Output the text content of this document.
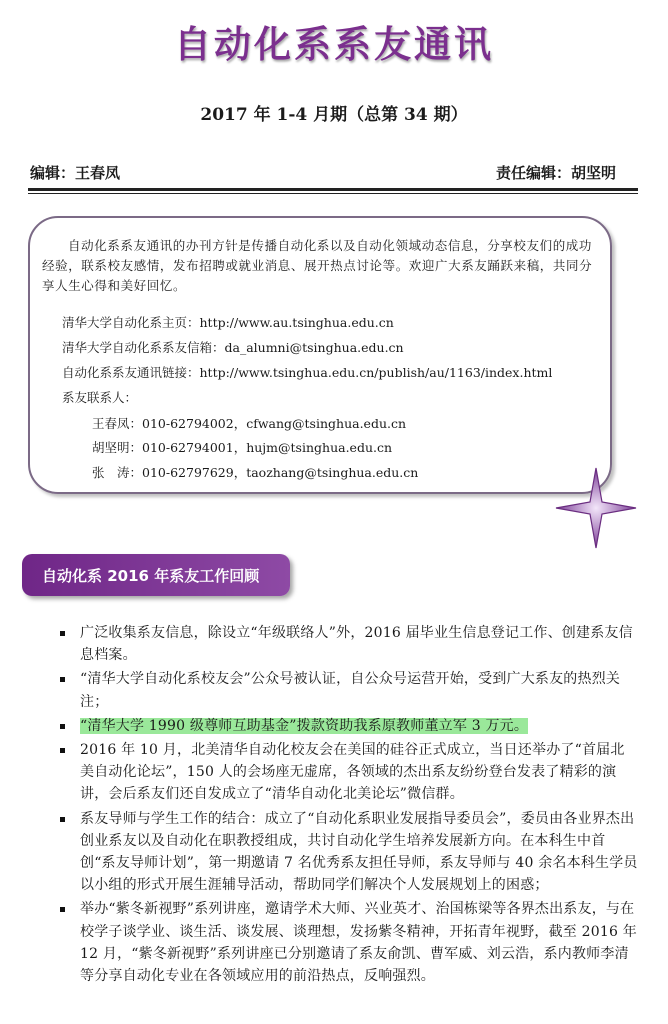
自动化系系友通讯
2017 年 1-4 月期（总第 34 期）
编辑：王春凤	责任编辑：胡坚明

自动化系系友通讯的办刊方针是传播自动化系以及自动化领域动态信息，分享校友们的成功经验，联系校友感情，发布招聘或就业消息、展开热点讨论等。欢迎广大系友踊跃来稿，共同分享人生心得和美好回忆。

清华大学自动化系主页：http://www.au.tsinghua.edu.cn
清华大学自动化系系友信箱：da_alumni@tsinghua.edu.cn
自动化系系友通讯链接：http://www.tsinghua.edu.cn/publish/au/1163/index.html
系友联系人：
王春凤：010-62794002，cfwang@tsinghua.edu.cn
胡坚明：010-62794001，hujm@tsinghua.edu.cn
张　涛：010-62797629，taozhang@tsinghua.edu.cn
自动化系 2016 年系友工作回顾
广泛收集系友信息，除设立“年级联络人”外，2016 届毕业生信息登记工作、创建系友信息档案。
“清华大学自动化系校友会”公众号被认证，自公众号运营开始，受到广大系友的热烈关注；
“清华大学 1990 级尊师互助基金”拨款资助我系原教师董立军 3 万元。
2016 年 10 月，北美清华自动化校友会在美国的硅谷正式成立，当日还举办了“首届北美自动化论坛”，150 人的会场座无虚席，各领域的杰出系友纷纷登台发表了精彩的演讲，会后系友们还自发成立了“清华自动化北美论坛”微信群。
系友导师与学生工作的结合：成立了“自动化系职业发展指导委员会”，委员由各业界杰出创业系友以及自动化在职教授组成，共讨自动化学生培养发展新方向。在本科生中首创“系友导师计划”，第一期邀请 7 名优秀系友担任导师，系友导师与 40 余名本科生学员以小组的形式开展生涯辅导活动，帮助同学们解决个人发展规划上的困惑；
举办“紫冬新视野”系列讲座，邀请学术大师、兴业英才、治国栋梁等各界杰出系友，与在校学子谈学业、谈生活、谈发展、谈理想，发扬紫冬精神，开拓青年视野，截至 2016 年 12 月，“紫冬新视野”系列讲座已分别邀请了系友俞凯、曹军威、刘云浩，系内教师李清等分享自动化专业在各领域应用的前沿热点，反响强烈。
